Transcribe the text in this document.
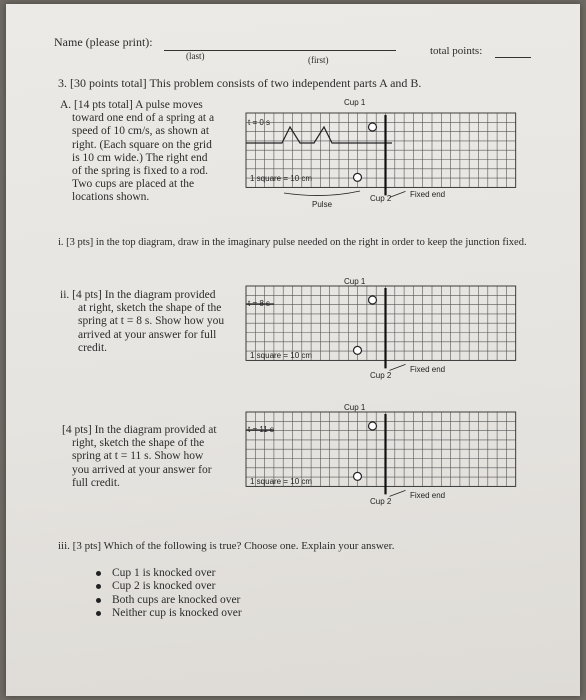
Name (please print):
(last)	(first)
total points:
3. [30 points total] This problem consists of two independent parts A and B.
A. [14 pts total] A pulse moves
toward one end of a spring at a
speed of 10 cm/s, as shown at
right. (Each square on the grid
is 10 cm wide.) The right end
of the spring is fixed to a rod.
Two cups are placed at the
locations shown.
t = 0 s
1 square = 10 cm
Cup 1
Cup 2 Fixed end
Pulse
i. [3 pts] in the top diagram, draw in the imaginary pulse needed on the right in order to keep the junction fixed.
ii. [4 pts] In the diagram provided
at right, sketch the shape of the
spring at t = 8 s. Show how you
arrived at your answer for full
credit.
t = 8 s
1 square = 10 cm
Cup 1
Cup 2
Fixed end
[4 pts] In the diagram provided at
right, sketch the shape of the
spring at t = 11 s. Show how
you arrived at your answer for
full credit.
t = 11 s
1 square = 10 cm
Cup 1
Cup 2
Fixed end
iii. [3 pts] Which of the following is true? Choose one. Explain your answer.
Cup 1 is knocked over
Cup 2 is knocked over
Both cups are knocked over
Neither cup is knocked over
